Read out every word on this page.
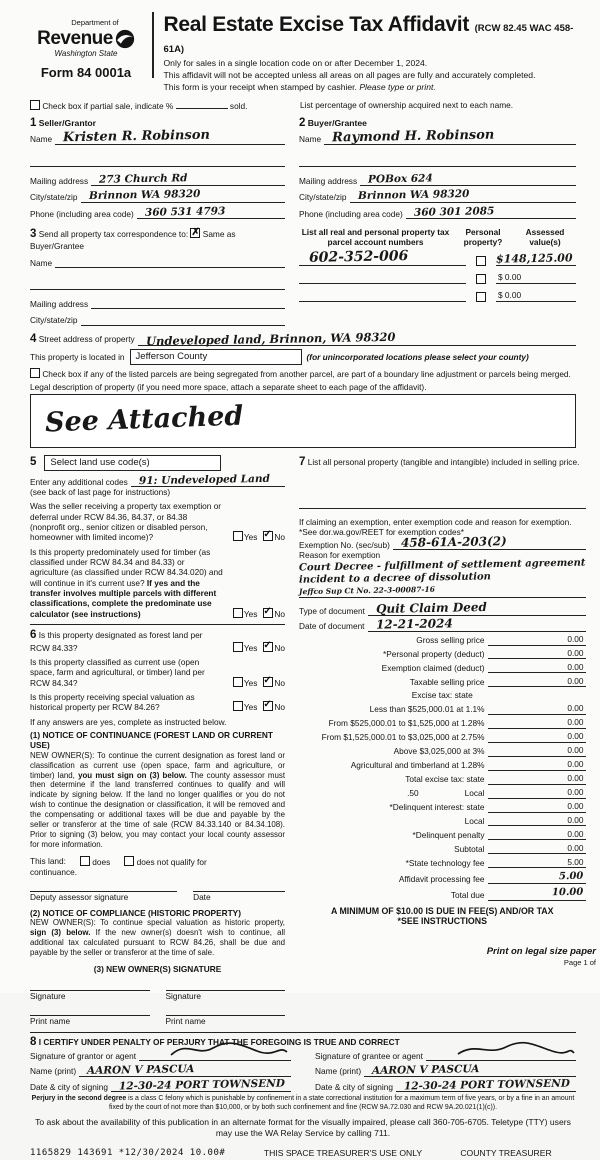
Department of
Revenue
Washington State
Form 84 0001a
Real Estate Excise Tax Affidavit (RCW 82.45 WAC 458-61A)
Only for sales in a single location code on or after December 1, 2024.
This affidavit will not be accepted unless all areas on all pages are fully and accurately completed.
This form is your receipt when stamped by cashier. Please type or print.
Check box if partial sale, indicate %	sold.	List percentage of ownership acquired next to each name.
1 Seller/Grantor
Name Kristen R. Robinson
Mailing address 273 Church Rd
City/state/zip Brinnon WA 98320
Phone (including area code) 360 531 4793
2 Buyer/Grantee
Name Raymond H. Robinson
Mailing address POBox 624
City/state/zip Brinnon WA 98320
Phone (including area code) 360 301 2085
3 Send all property tax correspondence to: ✗ Same as Buyer/Grantee
Name
Mailing address
City/state/zip
List all real and personal property tax parcel account numbers
Personal property?
Assessed value(s)
602-352-006	$148,125.00
$ 0.00
$ 0.00
4 Street address of property Undeveloped land, Brinnon, WA 98320
This property is located in	Jefferson County	(for unincorporated locations please select your county)
Check box if any of the listed parcels are being segregated from another parcel, are part of a boundary line adjustment or parcels being merged.
Legal description of property (if you need more space, attach a separate sheet to each page of the affidavit).
See Attached
5	Select land use code(s)
Enter any additional codes 91: Undeveloped Land
(see back of last page for instructions)
Was the seller receiving a property tax exemption or deferral under RCW 84.36, 84.37, or 84.38 (nonprofit org., senior citizen or disabled person, homeowner with limited income)?	Yes ✓ No
Is this property predominately used for timber (as classified under RCW 84.34 and 84.33) or agriculture (as classified under RCW 84.34.020) and will continue in it's current use? If yes and the transfer involves multiple parcels with different classifications, complete the predominate use calculator (see instructions)	Yes ✓ No
6 Is this property designated as forest land per RCW 84.33?	Yes ✓ No
Is this property classified as current use (open space, farm and agricultural, or timber) land per RCW 84.34?	Yes ✓ No
Is this property receiving special valuation as historical property per RCW 84.26?	Yes ✓ No
If any answers are yes, complete as instructed below.
(1) NOTICE OF CONTINUANCE (FOREST LAND OR CURRENT USE)
NEW OWNER(S): To continue the current designation as forest land or classification as current use (open space, farm and agriculture, or timber) land, you must sign on (3) below. The county assessor must then determine if the land transferred continues to qualify and will indicate by signing below. If the land no longer qualifies or you do not wish to continue the designation or classification, it will be removed and the compensating or additional taxes will be due and payable by the seller or transferor at the time of sale (RCW 84.33.140 or 84.34.108). Prior to signing (3) below, you may contact your local county assessor for more information.
This land:	does	does not qualify for
continuance.
Deputy assessor signature	Date
(2) NOTICE OF COMPLIANCE (HISTORIC PROPERTY)
NEW OWNER(S): To continue special valuation as historic property, sign (3) below. If the new owner(s) doesn't wish to continue, all additional tax calculated pursuant to RCW 84.26, shall be due and payable by the seller or transferor at the time of sale.
(3) NEW OWNER(S) SIGNATURE
Signature	Signature
Print name	Print name
7 List all personal property (tangible and intangible) included in selling price.
If claiming an exemption, enter exemption code and reason for exemption. *See dor.wa.gov/REET for exemption codes*
Exemption No. (sec/sub) 458-61A-203(2)
Reason for exemption
Court Decree - fulfillment of settlement agreement
incident to a decree of dissolution Jeffco Sup Ct No. 22-3-00087-16
Type of document Quit Claim Deed
Date of document 12-21-2024
Gross selling price	0.00
*Personal property (deduct)	0.00
Exemption claimed (deduct)	0.00
Taxable selling price	0.00
Excise tax: state
Less than $525,000.01 at 1.1%	0.00
From $525,000.01 to $1,525,000 at 1.28%	0.00
From $1,525,000.01 to $3,025,000 at 2.75%	0.00
Above $3,025,000 at 3%	0.00
Agricultural and timberland at 1.28%	0.00
Total excise tax: state	0.00
.50	Local	0.00
*Delinquent interest: state	0.00
Local	0.00
*Delinquent penalty	0.00
Subtotal	0.00
*State technology fee	5.00
Affidavit processing fee	5.00
Total due	10.00
A MINIMUM OF $10.00 IS DUE IN FEE(S) AND/OR TAX
*SEE INSTRUCTIONS
8 I CERTIFY UNDER PENALTY OF PERJURY THAT THE FOREGOING IS TRUE AND CORRECT
Signature of grantor or agent
Name (print) AARON V PASCUA
Date & city of signing 12-30-24 PORT TOWNSEND
Signature of grantee or agent
Name (print) AARON V PASCUA
Date & city of signing 12-30-24 PORT TOWNSEND
Perjury in the second degree is a class C felony which is punishable by confinement in a state correctional institution for a maximum term of five years, or by a fine in an amount fixed by the court of not more than $10,000, or by both such confinement and fine (RCW 9A.72.030 and RCW 9A.20.021(1)(c)).
To ask about the availability of this publication in an alternate format for the visually impaired, please call 360-705-6705. Teletype (TTY) users may use the WA Relay Service by calling 711.
1165829 143691 *12/30/2024 10.00#	THIS SPACE TREASURER'S USE ONLY	COUNTY TREASURER
Print on legal size paper
Page 1 of
